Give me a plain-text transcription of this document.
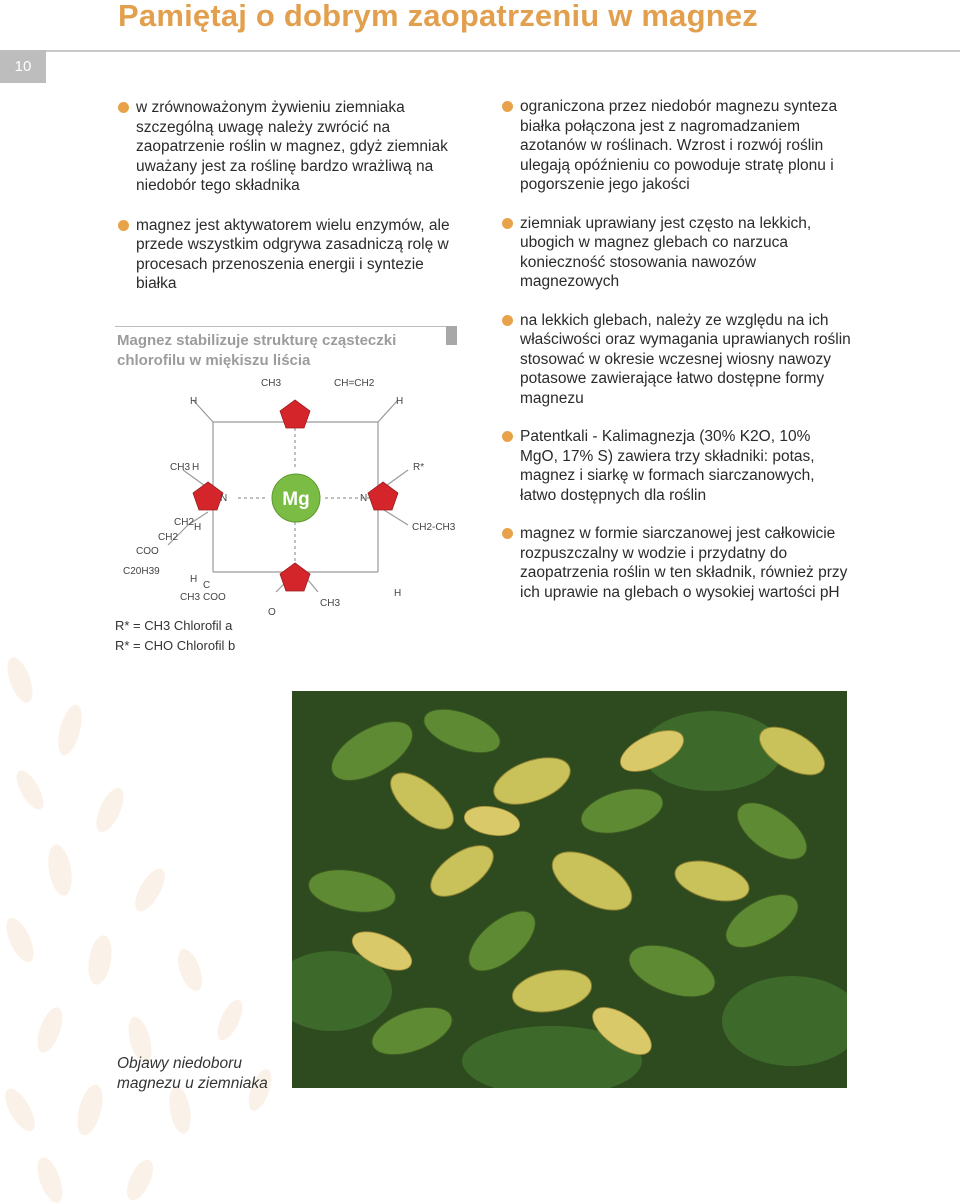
Pamiętaj o dobrym zaopatrzeniu w magnez
10
w zrównoważonym żywieniu ziemniaka szczególną uwagę należy zwrócić na zaopatrzenie roślin w magnez, gdyż ziemniak uważany jest za roślinę bardzo wrażliwą na niedobór tego składnika
magnez jest aktywatorem wielu enzymów, ale przede wszystkim odgrywa zasadniczą rolę w procesach przenoszenia energii i syntezie białka
Magnez stabilizuje strukturę cząsteczki chlorofilu w miękiszu liścia
Mg
CH3	CH=CH2
H	H
CH3 H	R*
CH2 H	CH2-CH3
CH2
COO
C20H39
H
C
CH3 COO
O
CH3
H
N	N
R* = CH3 Chlorofil a
R* = CHO Chlorofil b
ograniczona przez niedobór magnezu synteza białka połączona jest z nagromadzaniem azotanów w roślinach. Wzrost i rozwój roślin ulegają opóźnieniu co powoduje stratę plonu i pogorszenie jego jakości
ziemniak uprawiany jest często na lekkich, ubogich w magnez glebach co narzuca konieczność stosowania nawozów magnezowych
na lekkich glebach, należy ze względu na ich właściwości oraz wymagania uprawianych roślin stosować w okresie wczesnej wiosny nawozy potasowe zawierające łatwo dostępne formy magnezu
Patentkali - Kalimagnezja (30% K2O, 10% MgO, 17% S) zawiera trzy składniki: potas, magnez i siarkę w formach siarczanowych, łatwo dostępnych dla roślin
magnez w formie siarczanowej jest całkowicie rozpuszczalny w wodzie i przydatny do zaopatrzenia roślin w ten składnik, również przy ich uprawie na glebach o wysokiej wartości pH
Objawy niedoboru magnezu u ziemniaka
